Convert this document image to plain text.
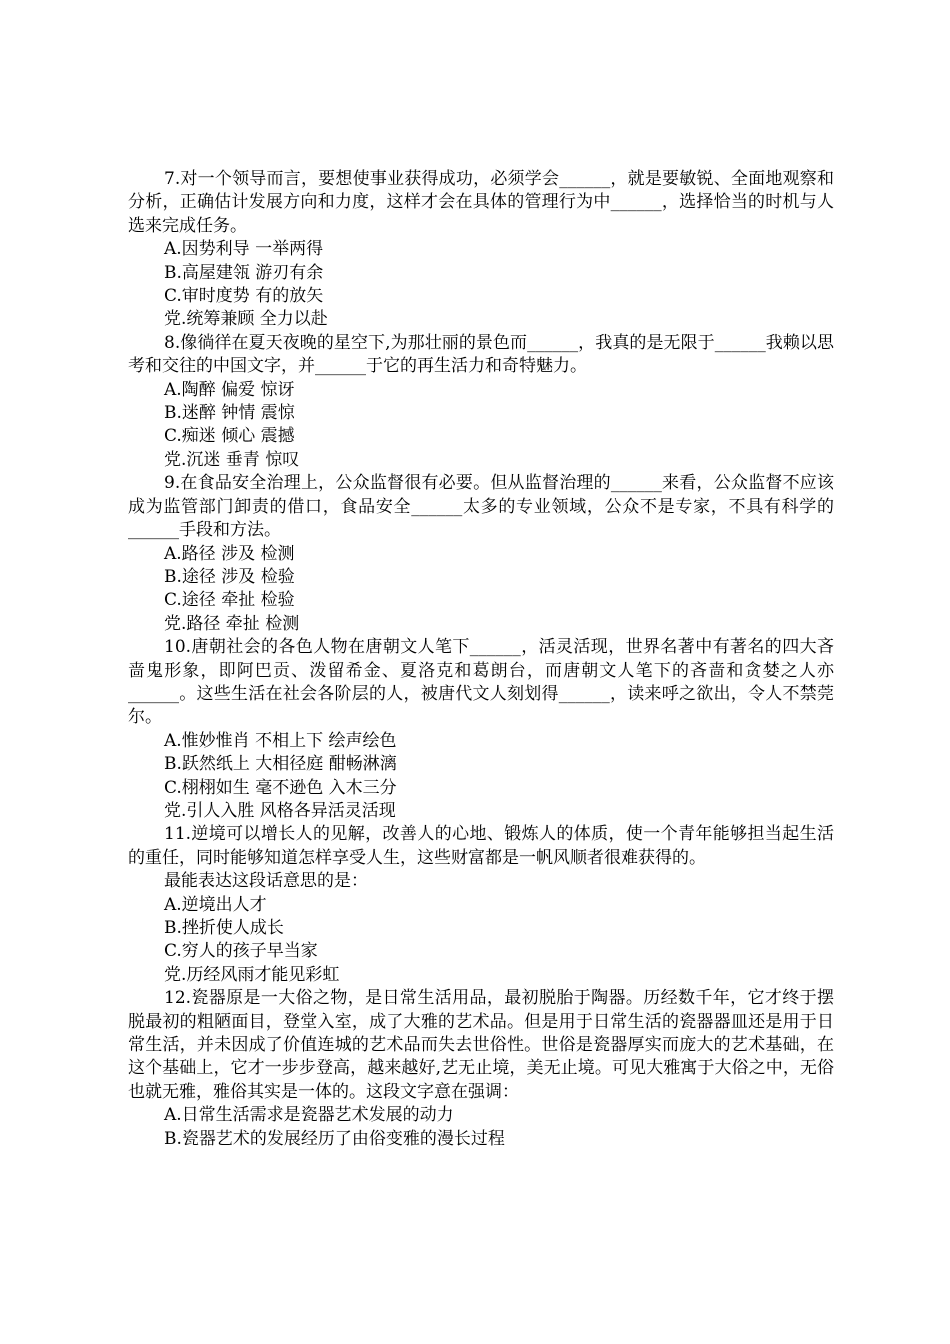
7.对一个领导而言，要想使事业获得成功，必须学会______，就是要敏锐、全面地观察和分析，正确估计发展方向和力度，这样才会在具体的管理行为中______，选择恰当的时机与人选来完成任务。

A.因势利导 一举两得

B.高屋建瓴 游刃有余

C.审时度势 有的放矢

党.统筹兼顾 全力以赴

8.像徜徉在夏天夜晚的星空下,为那壮丽的景色而______，我真的是无限于______我赖以思考和交往的中国文字，并______于它的再生活力和奇特魅力。

A.陶醉 偏爱 惊讶

B.迷醉 钟情 震惊

C.痴迷 倾心 震撼

党.沉迷 垂青 惊叹

9.在食品安全治理上，公众监督很有必要。但从监督治理的______来看，公众监督不应该成为监管部门卸责的借口，食品安全______太多的专业领域，公众不是专家，不具有科学的______手段和方法。

A.路径 涉及 检测

B.途径 涉及 检验

C.途径 牵扯 检验

党.路径 牵扯 检测

10.唐朝社会的各色人物在唐朝文人笔下______，活灵活现，世界名著中有著名的四大吝啬鬼形象，即阿巴贡、泼留希金、夏洛克和葛朗台，而唐朝文人笔下的吝啬和贪婪之人亦______。这些生活在社会各阶层的人，被唐代文人刻划得______，读来呼之欲出，令人不禁莞尔。

A.惟妙惟肖 不相上下 绘声绘色

B.跃然纸上 大相径庭 酣畅淋漓

C.栩栩如生 毫不逊色 入木三分

党.引人入胜 风格各异活灵活现

11.逆境可以增长人的见解，改善人的心地、锻炼人的体质，使一个青年能够担当起生活的重任，同时能够知道怎样享受人生，这些财富都是一帆风顺者很难获得的。

最能表达这段话意思的是：

A.逆境出人才

B.挫折使人成长

C.穷人的孩子早当家

党.历经风雨才能见彩虹

12.瓷器原是一大俗之物，是日常生活用品，最初脱胎于陶器。历经数千年，它才终于摆脱最初的粗陋面目，登堂入室，成了大雅的艺术品。但是用于日常生活的瓷器器皿还是用于日常生活，并未因成了价值连城的艺术品而失去世俗性。世俗是瓷器厚实而庞大的艺术基础，在这个基础上，它才一步步登高，越来越好,艺无止境，美无止境。可见大雅寓于大俗之中，无俗也就无雅，雅俗其实是一体的。这段文字意在强调：

A.日常生活需求是瓷器艺术发展的动力

B.瓷器艺术的发展经历了由俗变雅的漫长过程
